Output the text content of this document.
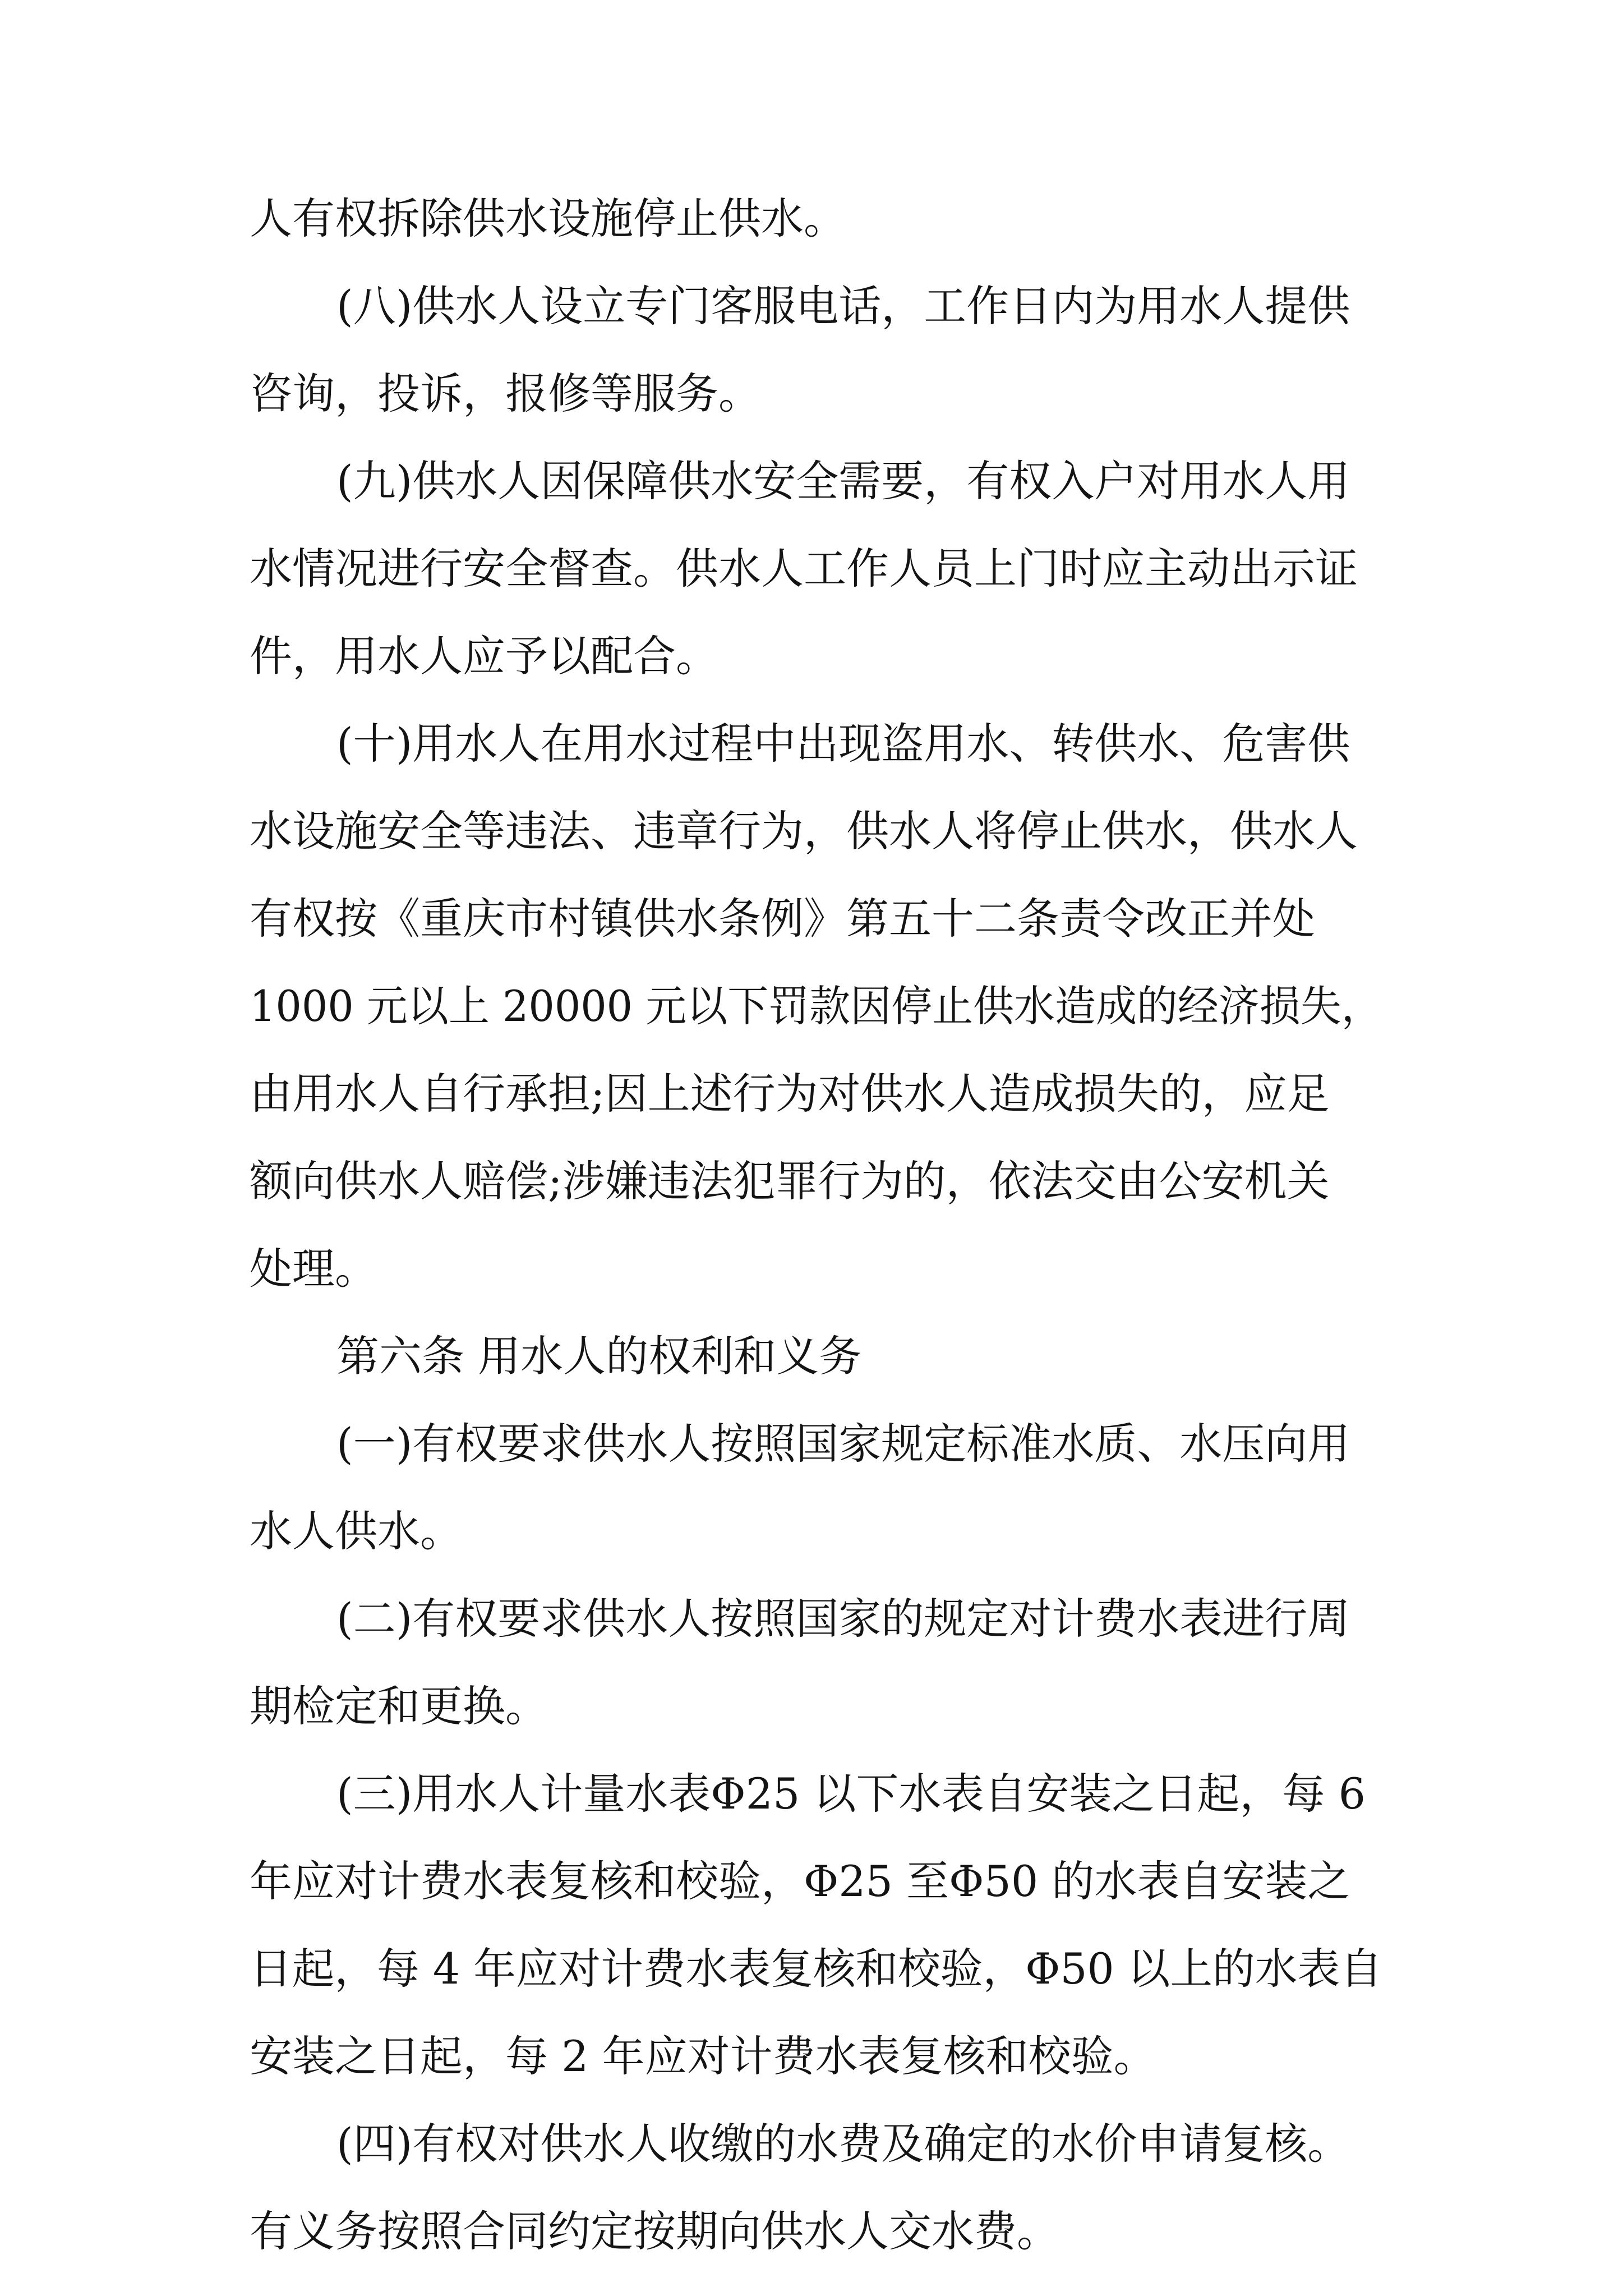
人有权拆除供水设施停止供水。
(八)供水人设立专门客服电话，工作日内为用水人提供
咨询，投诉，报修等服务。
(九)供水人因保障供水安全需要，有权入户对用水人用
水情况进行安全督查。供水人工作人员上门时应主动出示证
件，用水人应予以配合。
(十)用水人在用水过程中出现盗用水、转供水、危害供
水设施安全等违法、违章行为，供水人将停止供水，供水人
有权按《重庆市村镇供水条例》第五十二条责令改正并处
1000 元以上 20000 元以下罚款因停止供水造成的经济损失，
由用水人自行承担;因上述行为对供水人造成损失的，应足
额向供水人赔偿;涉嫌违法犯罪行为的，依法交由公安机关
处理。
第六条 用水人的权利和义务
(一)有权要求供水人按照国家规定标准水质、水压向用
水人供水。
(二)有权要求供水人按照国家的规定对计费水表进行周
期检定和更换。
(三)用水人计量水表Φ25 以下水表自安装之日起，每 6
年应对计费水表复核和校验，Φ25 至Φ50 的水表自安装之
日起，每 4 年应对计费水表复核和校验，Φ50 以上的水表自
安装之日起，每 2 年应对计费水表复核和校验。
(四)有权对供水人收缴的水费及确定的水价申请复核。
有义务按照合同约定按期向供水人交水费。
